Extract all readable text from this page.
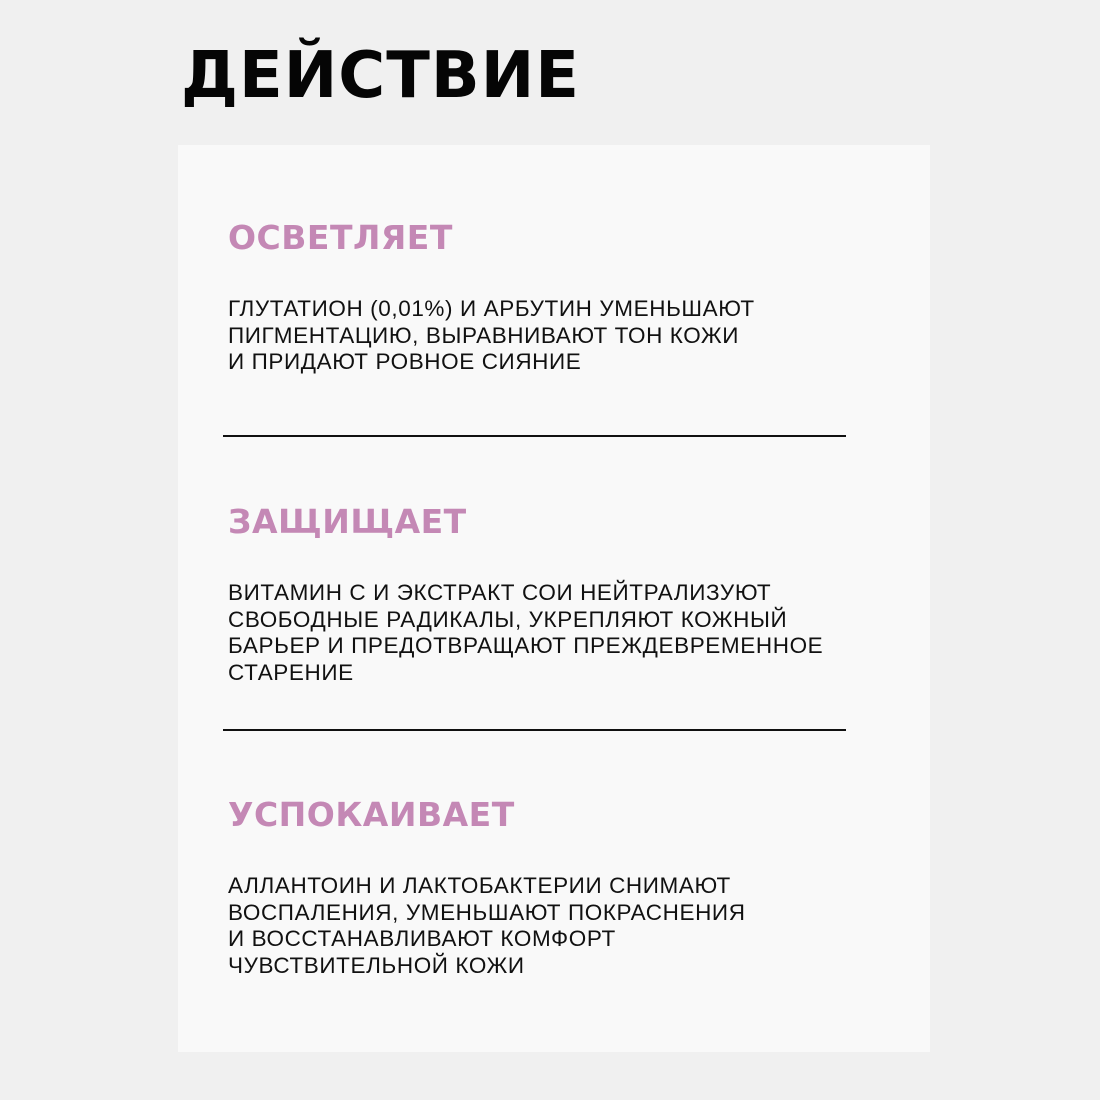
ДЕЙСТВИЕ
ОСВЕТЛЯЕТ

ГЛУТАТИОН (0,01%) И АРБУТИН УМЕНЬШАЮТ
ПИГМЕНТАЦИЮ, ВЫРАВНИВАЮТ ТОН КОЖИ
И ПРИДАЮТ РОВНОЕ СИЯНИЕ

ЗАЩИЩАЕТ

ВИТАМИН С И ЭКСТРАКТ СОИ НЕЙТРАЛИЗУЮТ
СВОБОДНЫЕ РАДИКАЛЫ, УКРЕПЛЯЮТ КОЖНЫЙ
БАРЬЕР И ПРЕДОТВРАЩАЮТ ПРЕЖДЕВРЕМЕННОЕ
СТАРЕНИЕ

УСПОКАИВАЕТ

АЛЛАНТОИН И ЛАКТОБАКТЕРИИ СНИМАЮТ
ВОСПАЛЕНИЯ, УМЕНЬШАЮТ ПОКРАСНЕНИЯ
И ВОССТАНАВЛИВАЮТ КОМФОРТ
ЧУВСТВИТЕЛЬНОЙ КОЖИ
